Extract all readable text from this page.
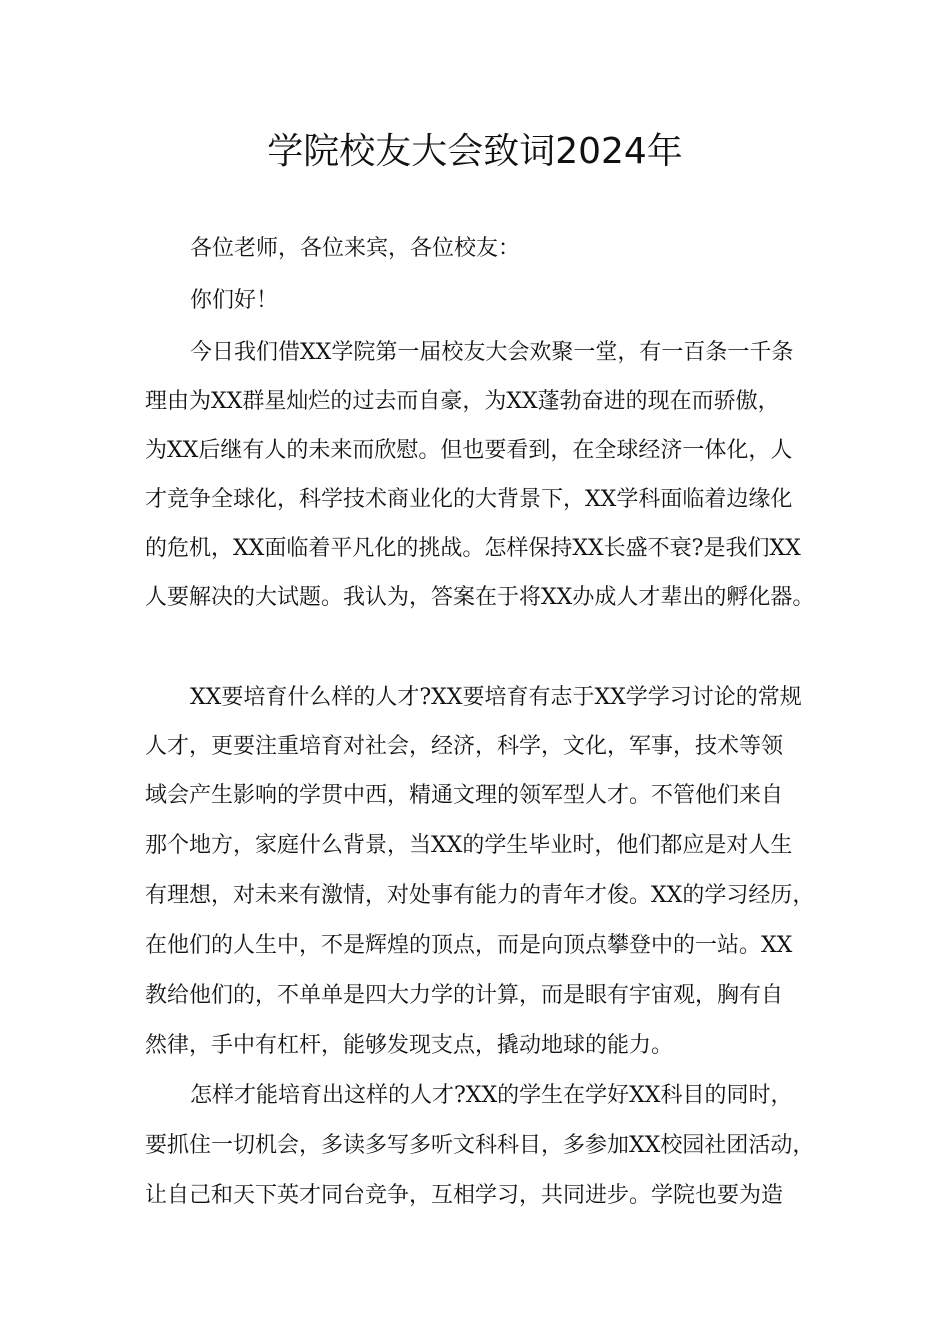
学院校友大会致词2024年
各位老师，各位来宾，各位校友：
你们好！
今日我们借XX学院第一届校友大会欢聚一堂，有一百条一千条
理由为XX群星灿烂的过去而自豪，为XX蓬勃奋进的现在而骄傲，
为XX后继有人的未来而欣慰。但也要看到，在全球经济一体化，人
才竞争全球化，科学技术商业化的大背景下，XX学科面临着边缘化
的危机，XX面临着平凡化的挑战。怎样保持XX长盛不衰?是我们XX
人要解决的大试题。我认为，答案在于将XX办成人才辈出的孵化器。
XX要培育什么样的人才?XX要培育有志于XX学学习讨论的常规
人才，更要注重培育对社会，经济，科学，文化，军事，技术等领
域会产生影响的学贯中西，精通文理的领军型人才。不管他们来自
那个地方，家庭什么背景，当XX的学生毕业时，他们都应是对人生
有理想，对未来有激情，对处事有能力的青年才俊。XX的学习经历，
在他们的人生中，不是辉煌的顶点，而是向顶点攀登中的一站。XX
教给他们的，不单单是四大力学的计算，而是眼有宇宙观，胸有自
然律，手中有杠杆，能够发现支点，撬动地球的能力。
怎样才能培育出这样的人才?XX的学生在学好XX科目的同时，
要抓住一切机会，多读多写多听文科科目，多参加XX校园社团活动，
让自己和天下英才同台竞争，互相学习，共同进步。学院也要为造
